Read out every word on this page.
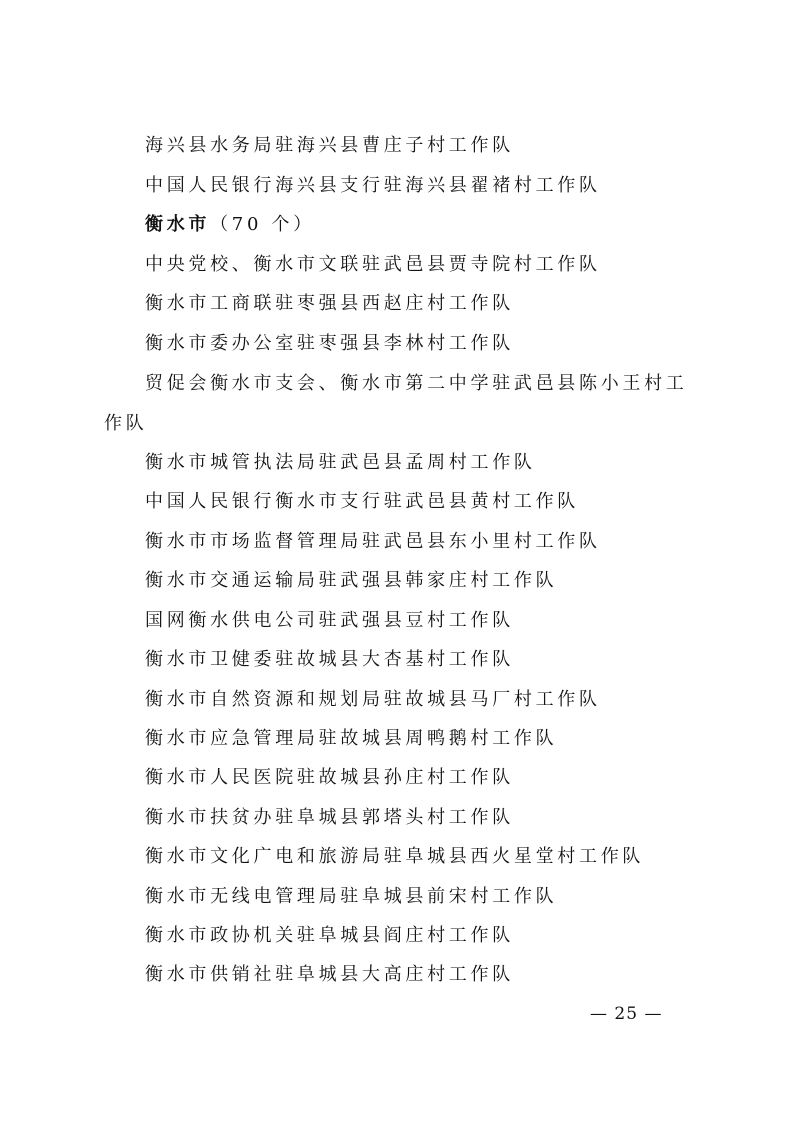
海兴县水务局驻海兴县曹庄子村工作队
中国人民银行海兴县支行驻海兴县翟褚村工作队
衡水市（70 个）
中央党校、衡水市文联驻武邑县贾寺院村工作队
衡水市工商联驻枣强县西赵庄村工作队
衡水市委办公室驻枣强县李林村工作队
贸促会衡水市支会、衡水市第二中学驻武邑县陈小王村工
作队
衡水市城管执法局驻武邑县孟周村工作队
中国人民银行衡水市支行驻武邑县黄村工作队
衡水市市场监督管理局驻武邑县东小里村工作队
衡水市交通运输局驻武强县韩家庄村工作队
国网衡水供电公司驻武强县豆村工作队
衡水市卫健委驻故城县大杏基村工作队
衡水市自然资源和规划局驻故城县马厂村工作队
衡水市应急管理局驻故城县周鸭鹅村工作队
衡水市人民医院驻故城县孙庄村工作队
衡水市扶贫办驻阜城县郭塔头村工作队
衡水市文化广电和旅游局驻阜城县西火星堂村工作队
衡水市无线电管理局驻阜城县前宋村工作队
衡水市政协机关驻阜城县阎庄村工作队
衡水市供销社驻阜城县大高庄村工作队
— 25 —
